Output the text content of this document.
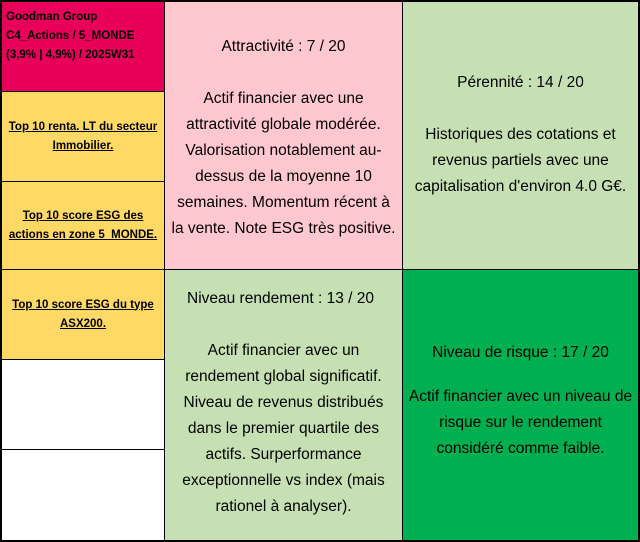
Goodman Group
C4_Actions / 5_MONDE
(3,9% | 4,9%) / 2025W31
Top 10 renta. LT du secteur Immobilier.
Top 10 score ESG des actions en zone 5_MONDE.
Top 10 score ESG du type ASX200.
Attractivité : 7 / 20
Actif financier avec une attractivité globale modérée. Valorisation notablement au-dessus de la moyenne 10 semaines. Momentum récent à la vente. Note ESG très positive.
Pérennité : 14 / 20
Historiques des cotations et revenus partiels avec une capitalisation d'environ 4.0 G€.
Niveau rendement : 13 / 20
Actif financier avec un rendement global significatif. Niveau de revenus distribués dans le premier quartile des actifs. Surperformance exceptionnelle vs index (mais rationel à analyser).
Niveau de risque : 17 / 20
Actif financier avec un niveau de risque sur le rendement considéré comme faible.
